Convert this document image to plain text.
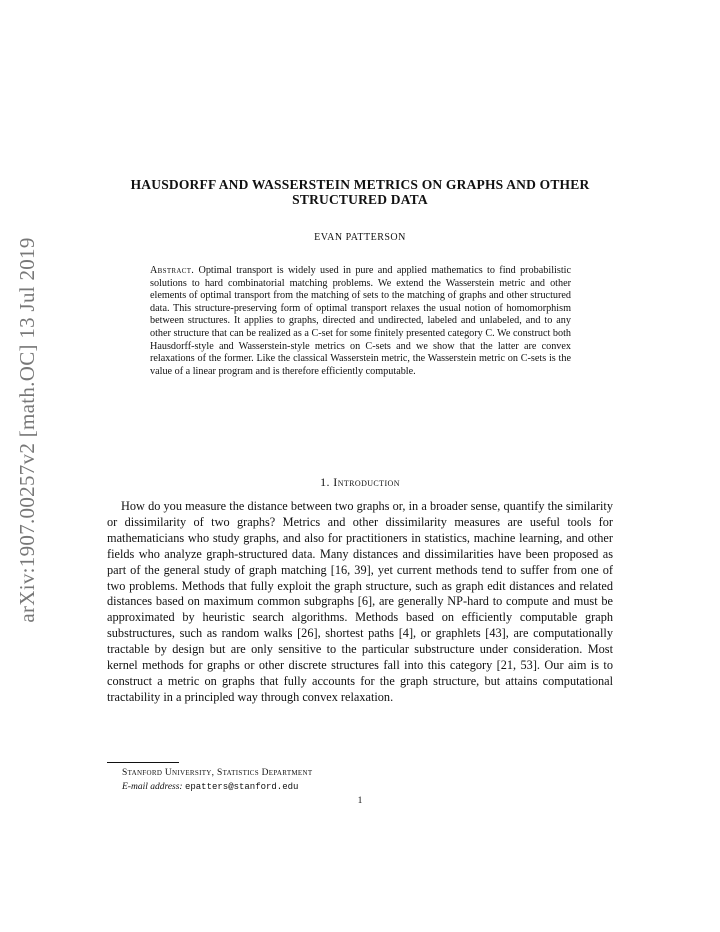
arXiv:1907.00257v2 [math.OC] 13 Jul 2019
HAUSDORFF AND WASSERSTEIN METRICS ON GRAPHS AND OTHER STRUCTURED DATA
EVAN PATTERSON
Abstract. Optimal transport is widely used in pure and applied mathematics to find probabilistic solutions to hard combinatorial matching problems. We extend the Wasserstein metric and other elements of optimal transport from the matching of sets to the matching of graphs and other structured data. This structure-preserving form of optimal transport relaxes the usual notion of homomorphism between structures. It applies to graphs, directed and undirected, labeled and unlabeled, and to any other structure that can be realized as a C-set for some finitely presented category C. We construct both Hausdorff-style and Wasserstein-style metrics on C-sets and we show that the latter are convex relaxations of the former. Like the classical Wasserstein metric, the Wasserstein metric on C-sets is the value of a linear program and is therefore efficiently computable.
1. Introduction
How do you measure the distance between two graphs or, in a broader sense, quantify the similarity or dissimilarity of two graphs? Metrics and other dissimilarity measures are useful tools for mathematicians who study graphs, and also for practitioners in statistics, machine learning, and other fields who analyze graph-structured data. Many distances and dissimilarities have been proposed as part of the general study of graph matching [16, 39], yet current methods tend to suffer from one of two problems. Methods that fully exploit the graph structure, such as graph edit distances and related distances based on maximum common subgraphs [6], are generally NP-hard to compute and must be approximated by heuristic search algorithms. Methods based on efficiently computable graph substructures, such as random walks [26], shortest paths [4], or graphlets [43], are computationally tractable by design but are only sensitive to the particular substructure under consideration. Most kernel methods for graphs or other discrete structures fall into this category [21, 53]. Our aim is to construct a metric on graphs that fully accounts for the graph structure, but attains computational tractability in a principled way through convex relaxation.
Stanford University, Statistics Department
E-mail address: epatters@stanford.edu
1
